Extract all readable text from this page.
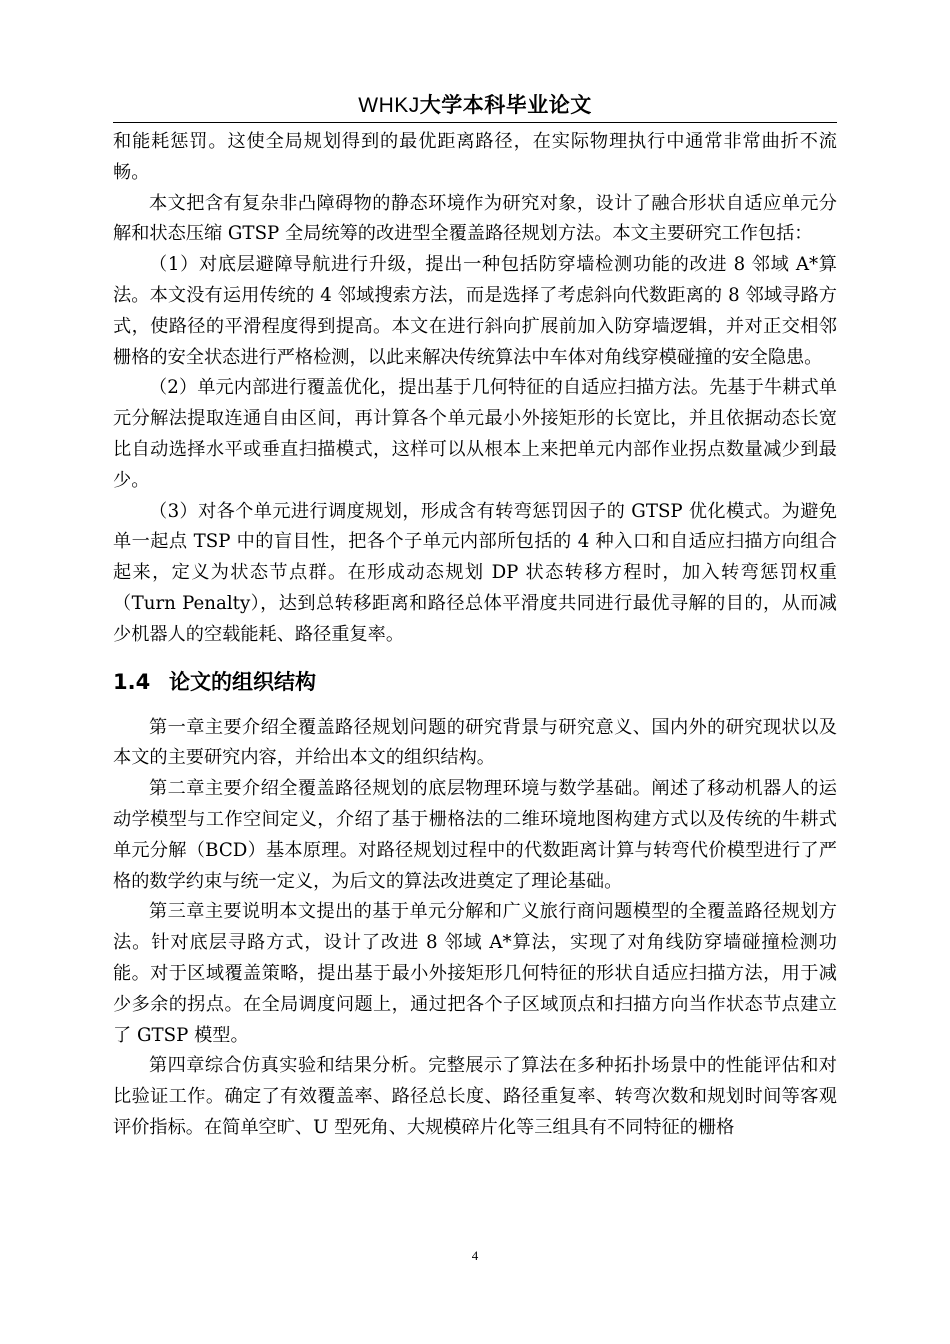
WHKJ大学本科毕业论文

和能耗惩罚。这使全局规划得到的最优距离路径，在实际物理执行中通常非常曲折不流畅。

本文把含有复杂非凸障碍物的静态环境作为研究对象，设计了融合形状自适应单元分解和状态压缩 GTSP 全局统筹的改进型全覆盖路径规划方法。本文主要研究工作包括：

（1）对底层避障导航进行升级，提出一种包括防穿墙检测功能的改进 8 邻域 A*算法。本文没有运用传统的 4 邻域搜索方法，而是选择了考虑斜向代数距离的 8 邻域寻路方式，使路径的平滑程度得到提高。本文在进行斜向扩展前加入防穿墙逻辑，并对正交相邻栅格的安全状态进行严格检测，以此来解决传统算法中车体对角线穿模碰撞的安全隐患。

（2）单元内部进行覆盖优化，提出基于几何特征的自适应扫描方法。先基于牛耕式单元分解法提取连通自由区间，再计算各个单元最小外接矩形的长宽比，并且依据动态长宽比自动选择水平或垂直扫描模式，这样可以从根本上来把单元内部作业拐点数量减少到最少。

（3）对各个单元进行调度规划，形成含有转弯惩罚因子的 GTSP 优化模式。为避免单一起点 TSP 中的盲目性，把各个子单元内部所包括的 4 种入口和自适应扫描方向组合起来，定义为状态节点群。在形成动态规划 DP 状态转移方程时，加入转弯惩罚权重（Turn Penalty），达到总转移距离和路径总体平滑度共同进行最优寻解的目的，从而减少机器人的空载能耗、路径重复率。

1.4 论文的组织结构

第一章主要介绍全覆盖路径规划问题的研究背景与研究意义、国内外的研究现状以及本文的主要研究内容，并给出本文的组织结构。

第二章主要介绍全覆盖路径规划的底层物理环境与数学基础。阐述了移动机器人的运动学模型与工作空间定义，介绍了基于栅格法的二维环境地图构建方式以及传统的牛耕式单元分解（BCD）基本原理。对路径规划过程中的代数距离计算与转弯代价模型进行了严格的数学约束与统一定义，为后文的算法改进奠定了理论基础。

第三章主要说明本文提出的基于单元分解和广义旅行商问题模型的全覆盖路径规划方法。针对底层寻路方式，设计了改进 8 邻域 A*算法，实现了对角线防穿墙碰撞检测功能。对于区域覆盖策略，提出基于最小外接矩形几何特征的形状自适应扫描方法，用于减少多余的拐点。在全局调度问题上，通过把各个子区域顶点和扫描方向当作状态节点建立了 GTSP 模型。

第四章综合仿真实验和结果分析。完整展示了算法在多种拓扑场景中的性能评估和对比验证工作。确定了有效覆盖率、路径总长度、路径重复率、转弯次数和规划时间等客观评价指标。在简单空旷、U 型死角、大规模碎片化等三组具有不同特征的栅格

4
